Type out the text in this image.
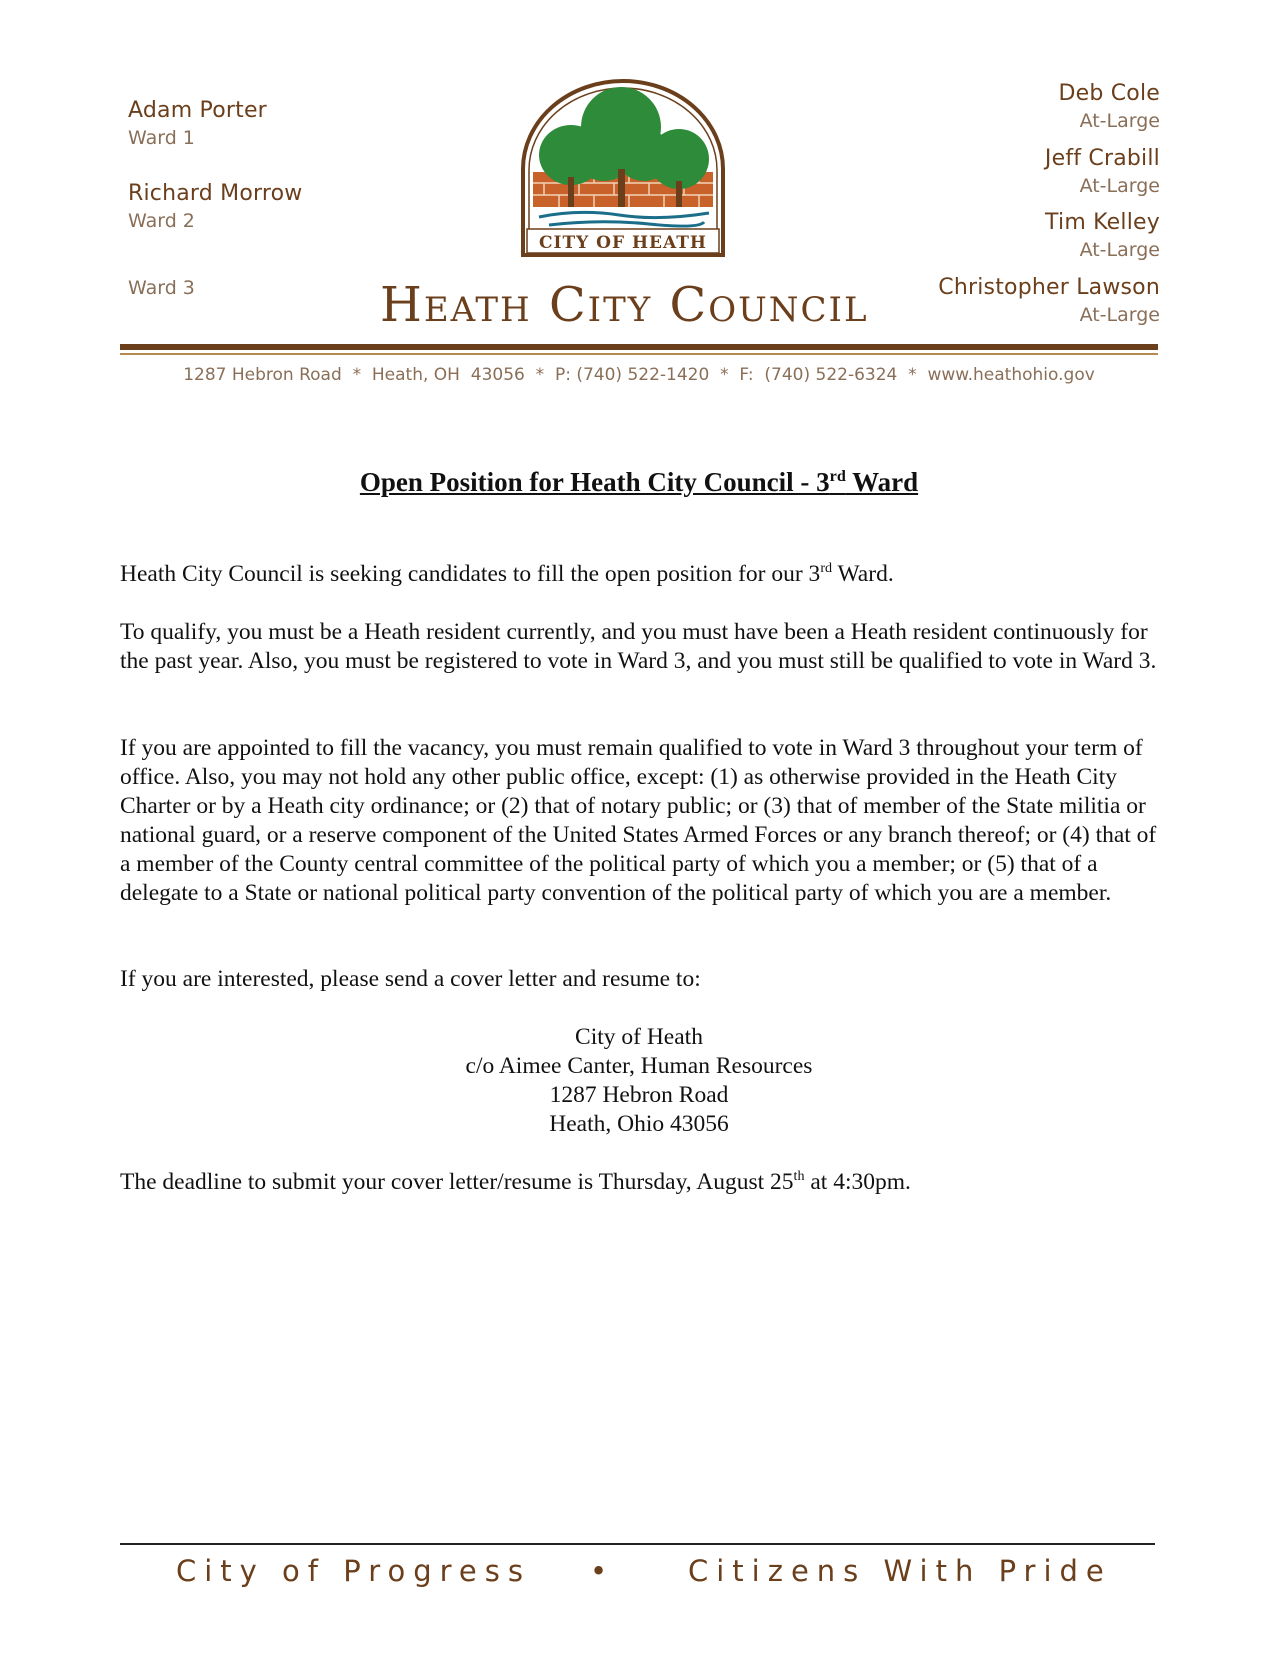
Adam Porter
Ward 1
Richard Morrow
Ward 2
Ward 3
Deb Cole
At-Large
Jeff Crabill
At-Large
Tim Kelley
At-Large
Christopher Lawson
At-Large
CITY OF HEATH
Heath City Council
1287 Hebron Road  *  Heath, OH  43056  *  P: (740) 522-1420  *  F:  (740) 522-6324  *  www.heathohio.gov
Open Position for Heath City Council - 3rd Ward
Heath City Council is seeking candidates to fill the open position for our 3rd Ward.
To qualify, you must be a Heath resident currently, and you must have been a Heath resident continuously for the past year. Also, you must be registered to vote in Ward 3, and you must still be qualified to vote in Ward 3.
If you are appointed to fill the vacancy, you must remain qualified to vote in Ward 3 throughout your term of office. Also, you may not hold any other public office, except: (1) as otherwise provided in the Heath City Charter or by a Heath city ordinance; or (2) that of notary public; or (3) that of member of the State militia or national guard, or a reserve component of the United States Armed Forces or any branch thereof; or (4) that of a member of the County central committee of the political party of which you a member; or (5) that of a delegate to a State or national political party convention of the political party of which you are a member.
If you are interested, please send a cover letter and resume to:
City of Heath
c/o Aimee Canter, Human Resources
1287 Hebron Road
Heath, Ohio 43056
The deadline to submit your cover letter/resume is Thursday, August 25th at 4:30pm.
City of Progress •	Citizens With Pride
